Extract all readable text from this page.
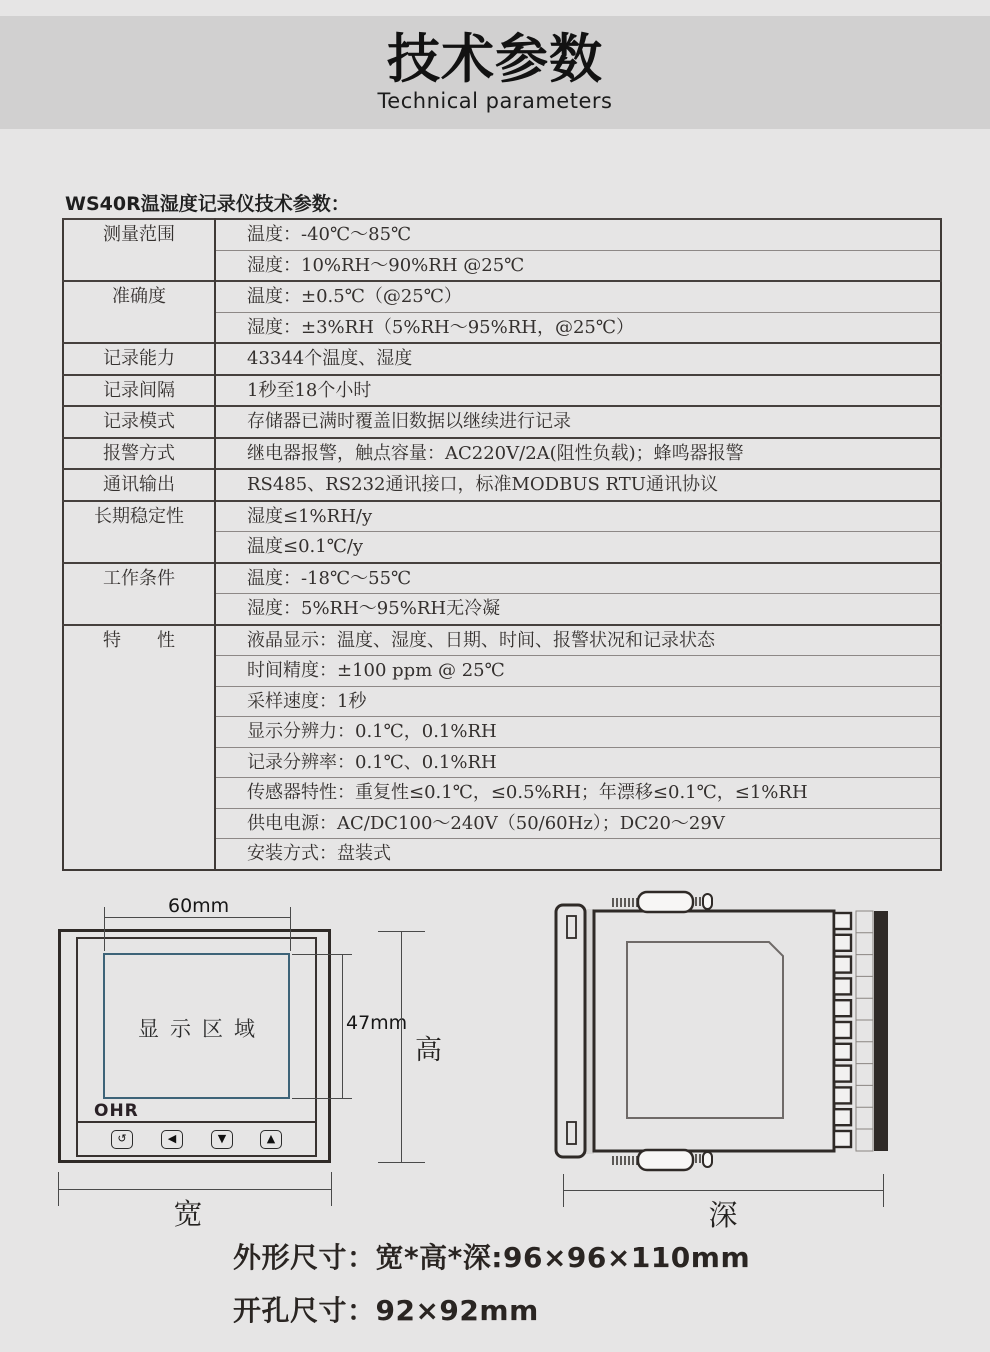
技术参数
Technical parameters
WS40R温湿度记录仪技术参数：
测量范围	温度：-40℃～85℃
	湿度：10%RH～90%RH @25℃
准确度	温度：±0.5℃（@25℃）
	湿度：±3%RH（5%RH～95%RH，@25℃）
记录能力	43344个温度、湿度
记录间隔	1秒至18个小时
记录模式	存储器已满时覆盖旧数据以继续进行记录
报警方式	继电器报警，触点容量：AC220V/2A(阻性负载)；蜂鸣器报警
通讯输出	RS485、RS232通讯接口，标准MODBUS RTU通讯协议
长期稳定性	湿度≤1%RH/y
	温度≤0.1℃/y
工作条件	温度：-18℃～55℃
	湿度：5%RH～95%RH无冷凝
特　　性	液晶显示：温度、湿度、日期、时间、报警状况和记录状态
	时间精度：±100 ppm @ 25℃
	采样速度：1秒
	显示分辨力：0.1℃，0.1%RH
	记录分辨率：0.1℃、0.1%RH
	传感器特性：重复性≤0.1℃，≤0.5%RH；年漂移≤0.1℃，≤1%RH
	供电电源：AC/DC100～240V（50/60Hz）；DC20～29V
	安装方式：盘装式
显示区域
OHR
60mm
47mm
高
宽	深
外形尺寸：宽*高*深:96×96×110mm
开孔尺寸：92×92mm
↺	◀	▼	▲
